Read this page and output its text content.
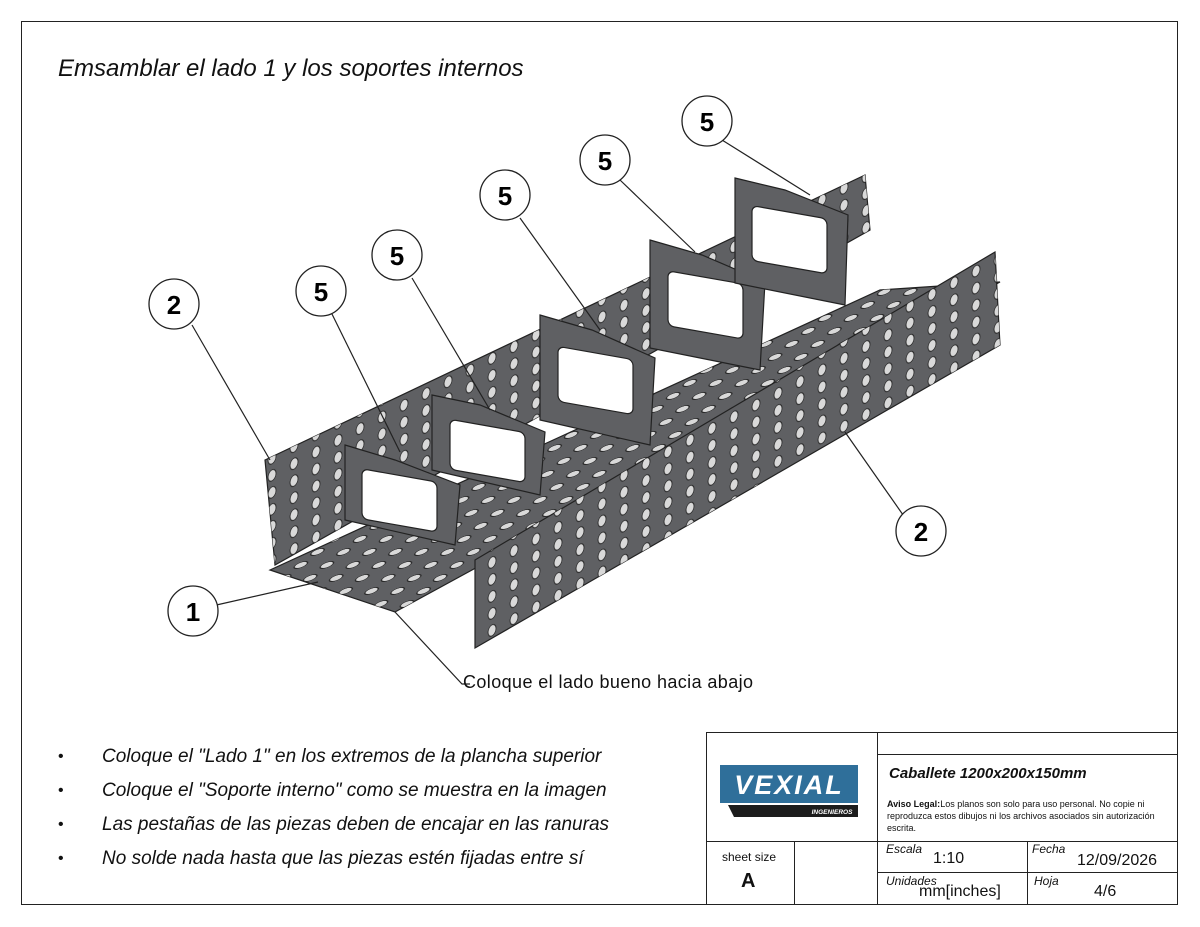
Emsamblar el lado 1 y los soportes internos
2	5
5
5
5
5
1
2
Coloque el lado bueno hacia abajo
• Coloque el "Lado 1" en los extremos de la plancha superior
• Coloque el "Soporte interno" como se muestra en la imagen
• Las pestañas de las piezas deben de encajar en las ranuras
• No solde nada hasta que las piezas estén fijadas entre sí
VEXIAL
INGENIEROS
Caballete 1200x200x150mm
Aviso Legal:Los planos son solo para uso personal. No copie ni reproduzca estos dibujos ni los archivos asociados sin autorización escrita.
sheet size
A
Escala
1:10
Fecha
12/09/2026
Unidades
mm[inches]
Hoja
4/6
